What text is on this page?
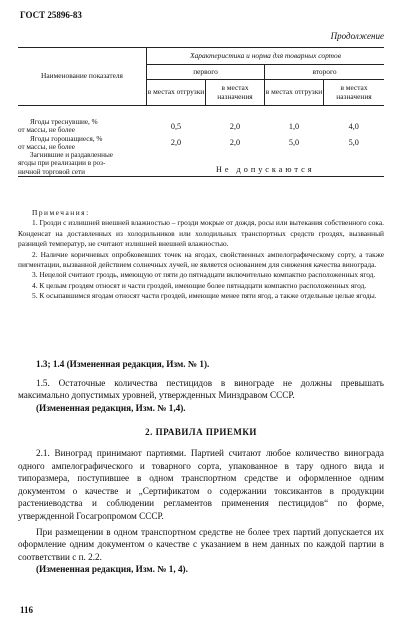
ГОСТ 25896-83
Продолжение
Наименование показателя	Характеристика и норма для товарных сортов			
	первого		второго	
	в местах отгрузки	в местах назначения	в местах отгрузки	в местах назначения

Ягоды треснувшие, %
от массы, не более	0,5	2,0	1,0	4,0

Ягоды горошащиеся, %
от массы, не более	2,0	2,0	5,0	5,0

Загнившие и раздавленные
ягоды при реализации в роз-
ничной торговой сети	Не допускаются			
Примечания:

1. Грозди с излишней внешней влажностью – грозди мокрые от дождя, росы или вытекания собственного сока. Конденсат на доставленных из холодильников или холодильных транспортных средств гроздях, вызванный разницей температур, не считают излишней внешней влажностью.

2. Наличие коричневых опробковевших точек на ягодах, свойственных ампелографическому сорту, а также пигментации, вызванной действием солнечных лучей, не является основанием для снижения качества винограда.

3. Нецелой считают гроздь, имеющую от пяти до пятнадцати включительно компактно расположенных ягод.

4. К целым гроздям относят и части гроздей, имеющие более пятнадцати компактно расположенных ягод.

5. К осыпавшимся ягодам относят части гроздей, имеющие менее пяти ягод, а также отдельные целые ягоды.

1.3; 1.4 (Измененная редакция, Изм. № 1).

1.5. Остаточные количества пестицидов в винограде не должны превышать максимально допустимых уровней, утвержденных Минздравом СССР.

(Измененная редакция, Изм. № 1,4).

2. ПРАВИЛА ПРИЕМКИ

2.1. Виноград принимают партиями. Партией считают любое количество винограда одного ампелографического и товарного сорта, упакованное в тару одного вида и типоразмера, поступившее в одном транспортном средстве и оформленное одним документом о качестве и „Сертификатом о содержании токсикантов в продукции растениеводства и соблюдении регламентов применения пестицидов“ по форме, утвержденной Госагропромом СССР.

При размещении в одном транспортном средстве не более трех партий допускается их оформление одним документом о качестве с указанием в нем данных по каждой партии в соответствии с п. 2.2.

(Измененная редакция, Изм. № 1, 4).

116
